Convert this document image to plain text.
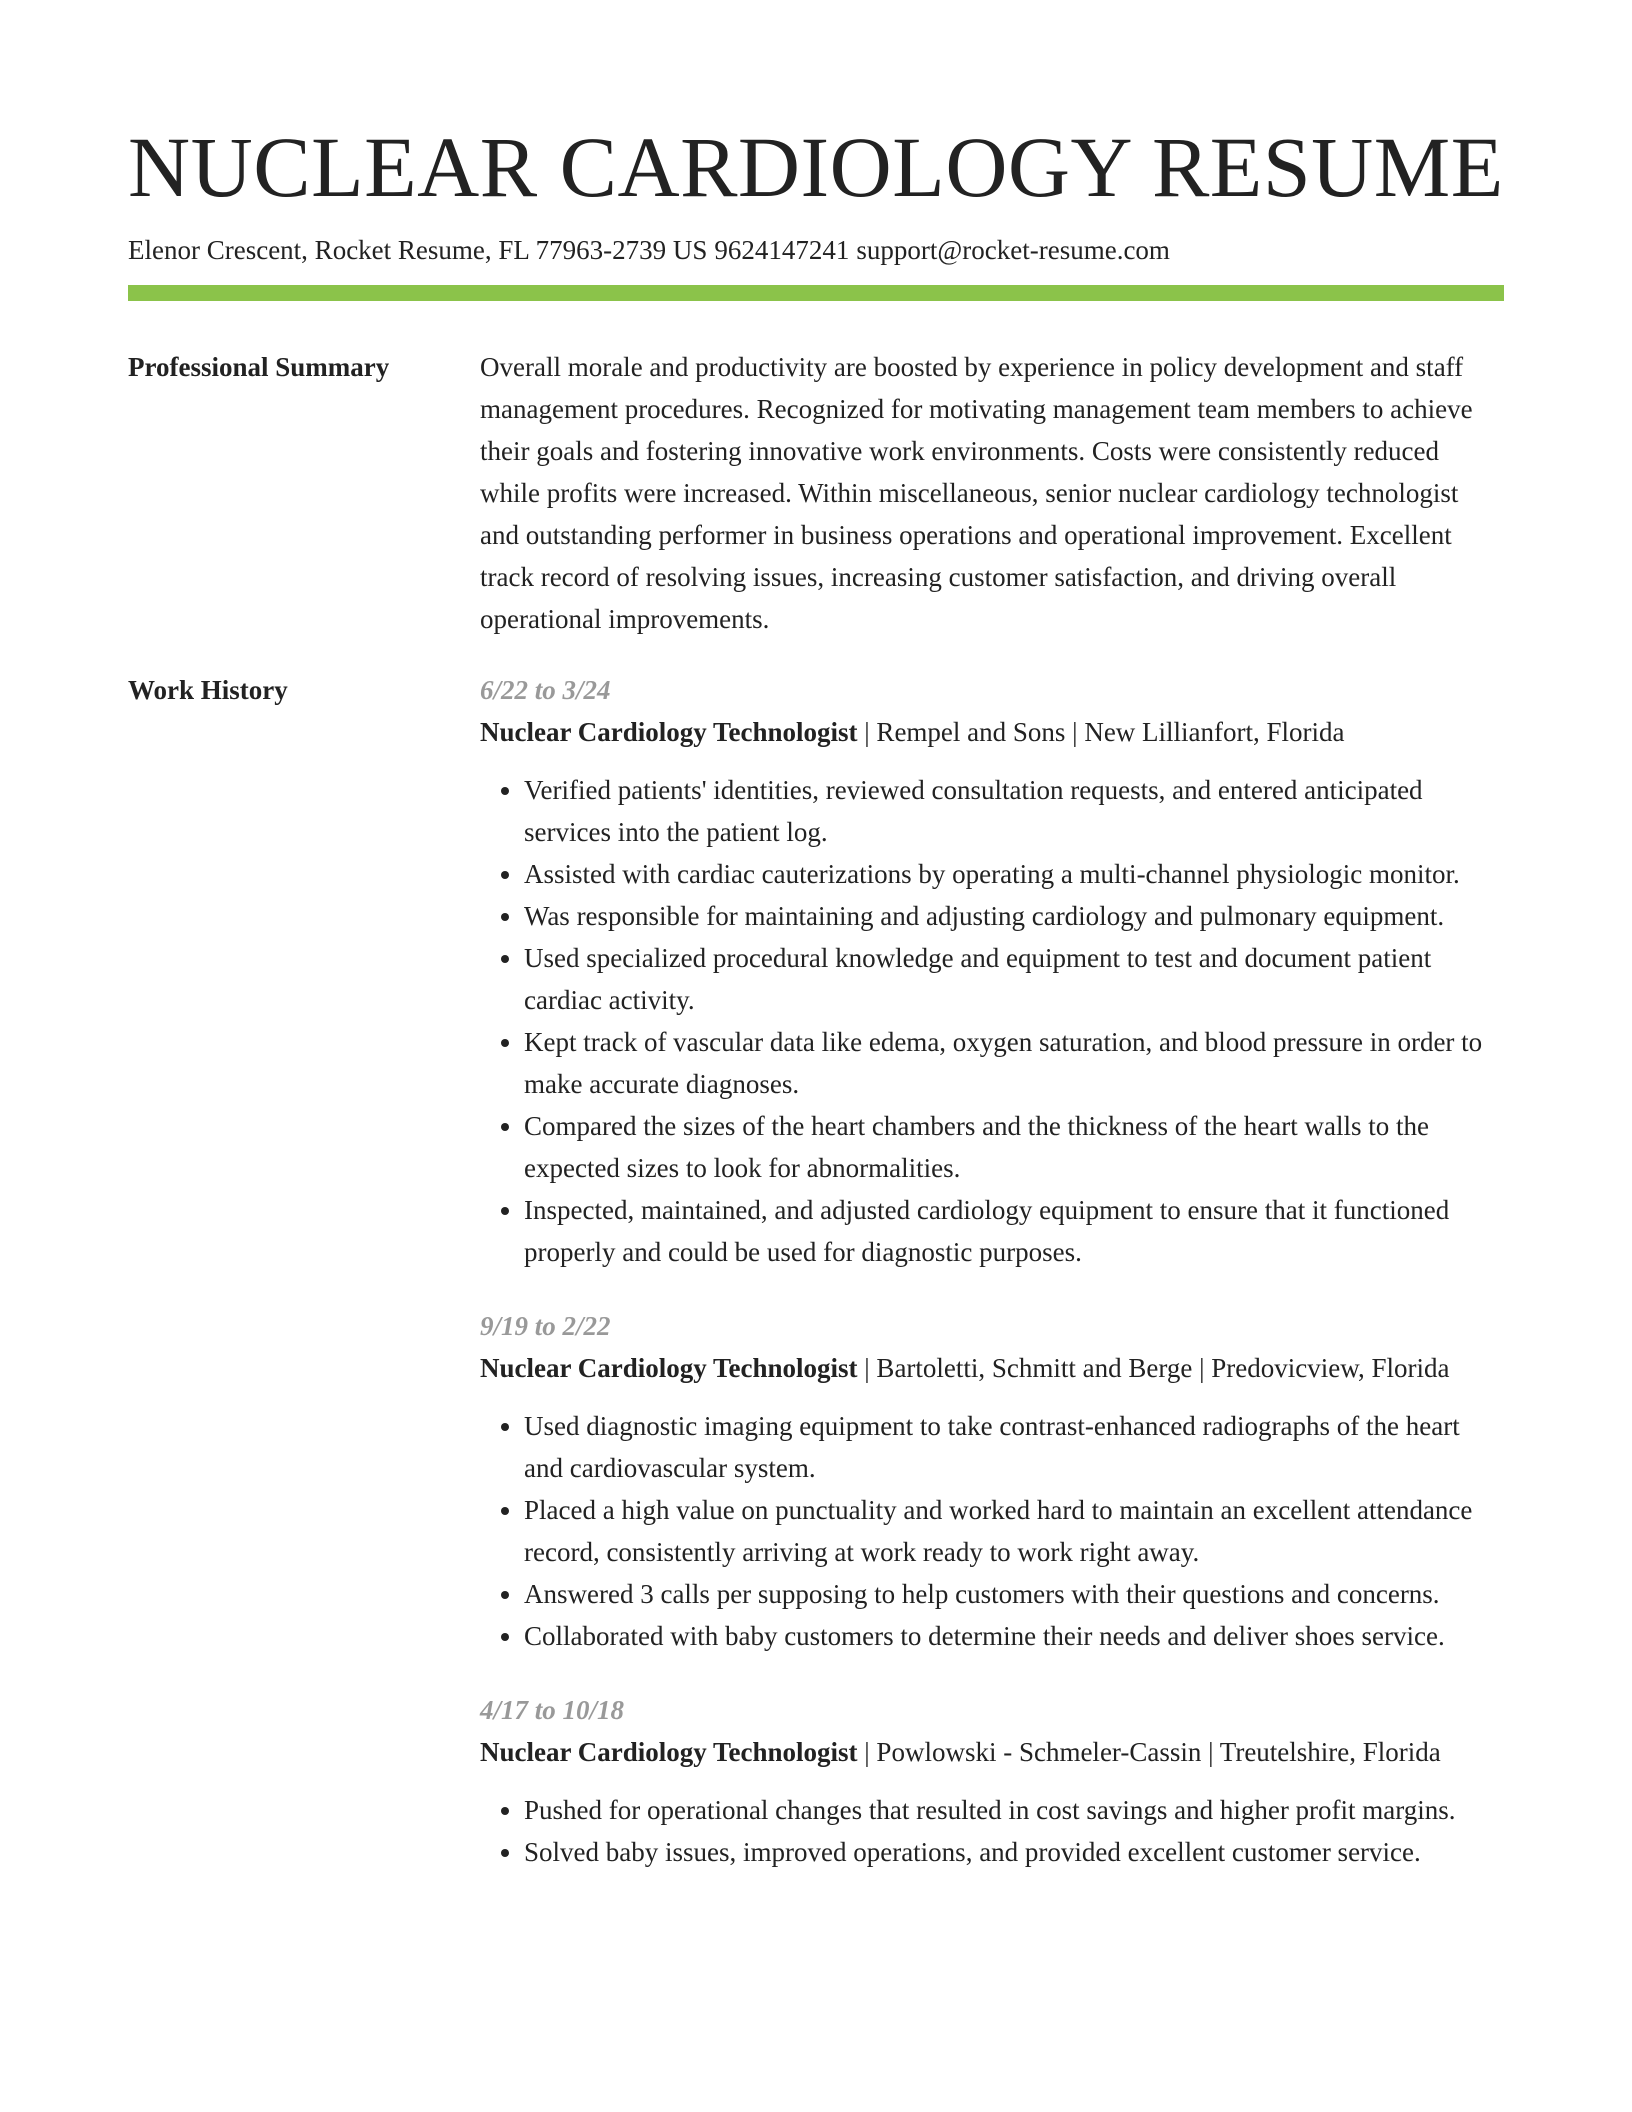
NUCLEAR CARDIOLOGY RESUME
Elenor Crescent, Rocket Resume, FL 77963-2739 US 9624147241 support@rocket-resume.com
Professional Summary	Overall morale and productivity are boosted by experience in policy development and staff management procedures. Recognized for motivating management team members to achieve their goals and fostering innovative work environments. Costs were consistently reduced while profits were increased. Within miscellaneous, senior nuclear cardiology technologist and outstanding performer in business operations and operational improvement. Excellent track record of resolving issues, increasing customer satisfaction, and driving overall operational improvements.

Work History	6/22 to 3/24
Nuclear Cardiology Technologist | Rempel and Sons | New Lillianfort, Florida
• Verified patients' identities, reviewed consultation requests, and entered anticipated services into the patient log.
• Assisted with cardiac cauterizations by operating a multi-channel physiologic monitor.
• Was responsible for maintaining and adjusting cardiology and pulmonary equipment.
• Used specialized procedural knowledge and equipment to test and document patient cardiac activity.
• Kept track of vascular data like edema, oxygen saturation, and blood pressure in order to make accurate diagnoses.
• Compared the sizes of the heart chambers and the thickness of the heart walls to the expected sizes to look for abnormalities.
• Inspected, maintained, and adjusted cardiology equipment to ensure that it functioned properly and could be used for diagnostic purposes.
9/19 to 2/22
Nuclear Cardiology Technologist | Bartoletti, Schmitt and Berge | Predovicview, Florida
• Used diagnostic imaging equipment to take contrast-enhanced radiographs of the heart and cardiovascular system.
• Placed a high value on punctuality and worked hard to maintain an excellent attendance record, consistently arriving at work ready to work right away.
• Answered 3 calls per supposing to help customers with their questions and concerns.
• Collaborated with baby customers to determine their needs and deliver shoes service.
4/17 to 10/18
Nuclear Cardiology Technologist | Powlowski - Schmeler-Cassin | Treutelshire, Florida
• Pushed for operational changes that resulted in cost savings and higher profit margins.
• Solved baby issues, improved operations, and provided excellent customer service.
